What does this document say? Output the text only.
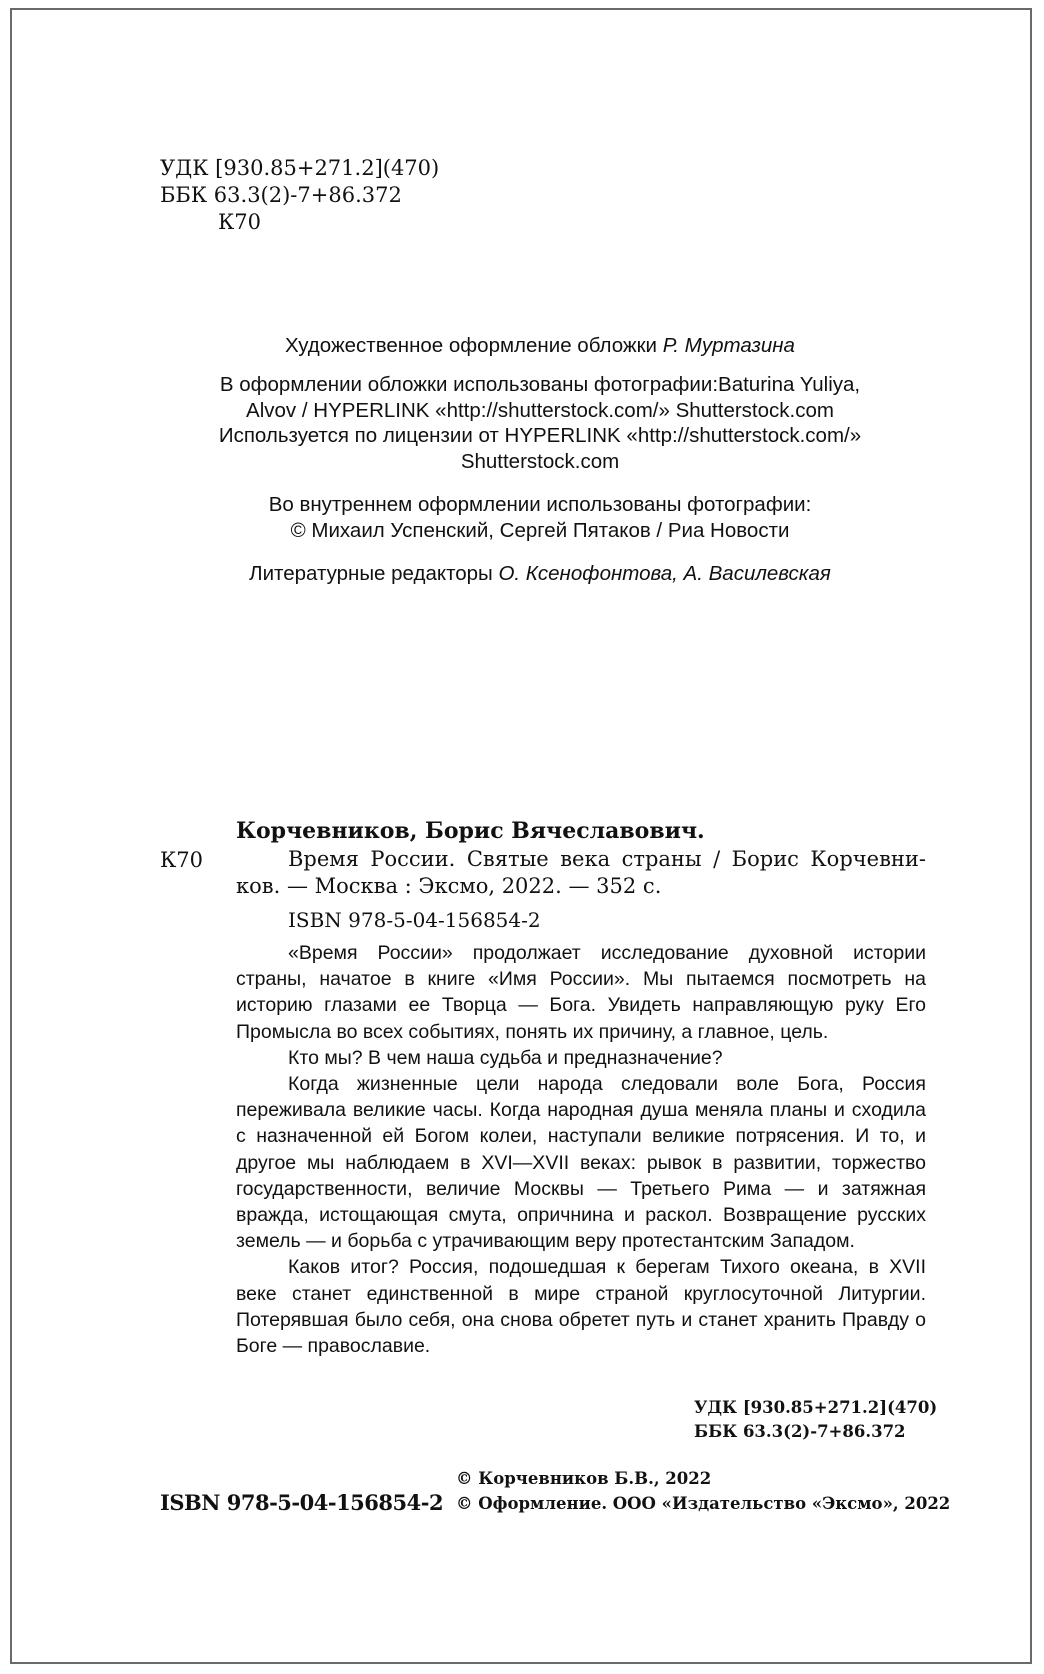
УДК [930.85+271.2](470)
ББК 63.3(2)-7+86.372
К70
Художественное оформление обложки Р. Муртазина
В оформлении обложки использованы фотографии:Baturina Yuliya,
Alvov / HYPERLINK «http://shutterstock.com/» Shutterstock.com
Используется по лицензии от HYPERLINK «http://shutterstock.com/»
Shutterstock.com
Во внутреннем оформлении использованы фотографии:
© Михаил Успенский, Сергей Пятаков / Риа Новости
Литературные редакторы О. Ксенофонтова, А. Василевская
Корчевников, Борис Вячеславович.
К70	Время России. Святые века страны / Борис Корчевни-
ков. — Москва : Эксмо, 2022. — 352 с.
ISBN 978-5-04-156854-2

«Время России» продолжает исследование духовной истории страны, начатое в книге «Имя России». Мы пытаемся посмотреть на историю глазами ее Творца — Бога. Увидеть направляющую руку Его Промысла во всех событиях, понять их причину, а главное, цель.

Кто мы? В чем наша судьба и предназначение?

Когда жизненные цели народа следовали воле Бога, Россия переживала великие часы. Когда народная душа меняла планы и сходила с назначенной ей Богом колеи, наступали великие потрясения. И то, и другое мы наблюдаем в XVI—XVII веках: рывок в развитии, торжество государственности, величие Москвы — Третьего Рима — и затяжная вражда, истощающая смута, опричнина и раскол. Возвращение русских земель — и борьба с утрачивающим веру протестантским Западом.

Каков итог? Россия, подошедшая к берегам Тихого океана, в XVII веке станет единственной в мире страной круглосуточной Литургии. Потерявшая было себя, она снова обретет путь и станет хранить Правду о Боге — православие.

УДК [930.85+271.2](470)
ББК 63.3(2)-7+86.372
ISBN 978-5-04-156854-2
© Корчевников Б.В., 2022
© Оформление. ООО «Издательство «Эксмо», 2022
